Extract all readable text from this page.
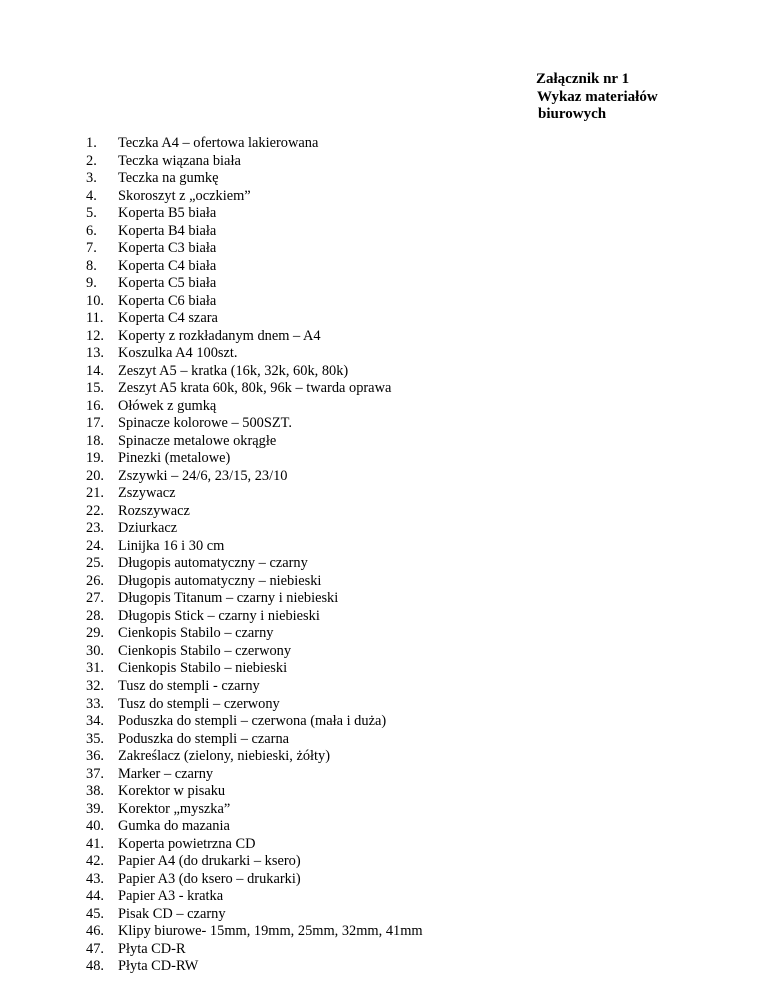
Załącznik nr 1
Wykaz materiałów
biurowych
1.	Teczka A4 – ofertowa lakierowana
2.	Teczka wiązana biała
3.	Teczka na gumkę
4.	Skoroszyt z „oczkiem”
5.	Koperta B5 biała
6.	Koperta B4 biała
7.	Koperta C3 biała
8.	Koperta C4 biała
9.	Koperta C5 biała
10. Koperta C6 biała
11.	Koperta C4 szara
12. Koperty z rozkładanym dnem – A4
13. Koszulka A4 100szt.
14. Zeszyt A5 – kratka (16k, 32k, 60k, 80k)
15. Zeszyt A5 krata 60k, 80k, 96k – twarda oprawa
16. Ołówek z gumką
17. Spinacze kolorowe – 500SZT.
18. Spinacze metalowe okrągłe
19. Pinezki (metalowe)
20. Zszywki – 24/6, 23/15, 23/10
21. Zszywacz
22. Rozszywacz
23. Dziurkacz
24. Linijka 16 i 30 cm
25. Długopis automatyczny – czarny
26. Długopis automatyczny – niebieski
27. Długopis Titanum – czarny i niebieski
28. Długopis Stick – czarny i niebieski
29. Cienkopis Stabilo – czarny
30. Cienkopis Stabilo – czerwony
31. Cienkopis Stabilo – niebieski
32. Tusz do stempli - czarny
33. Tusz do stempli – czerwony
34. Poduszka do stempli – czerwona (mała i duża)
35. Poduszka do stempli – czarna
36. Zakreślacz (zielony, niebieski, żółty)
37. Marker – czarny
38. Korektor w pisaku
39. Korektor „myszka”
40. Gumka do mazania
41. Koperta powietrzna CD
42. Papier A4 (do drukarki – ksero)
43. Papier A3 (do ksero – drukarki)
44. Papier A3 - kratka
45. Pisak CD – czarny
46. Klipy biurowe- 15mm, 19mm, 25mm, 32mm, 41mm
47. Płyta CD-R
48. Płyta CD-RW
